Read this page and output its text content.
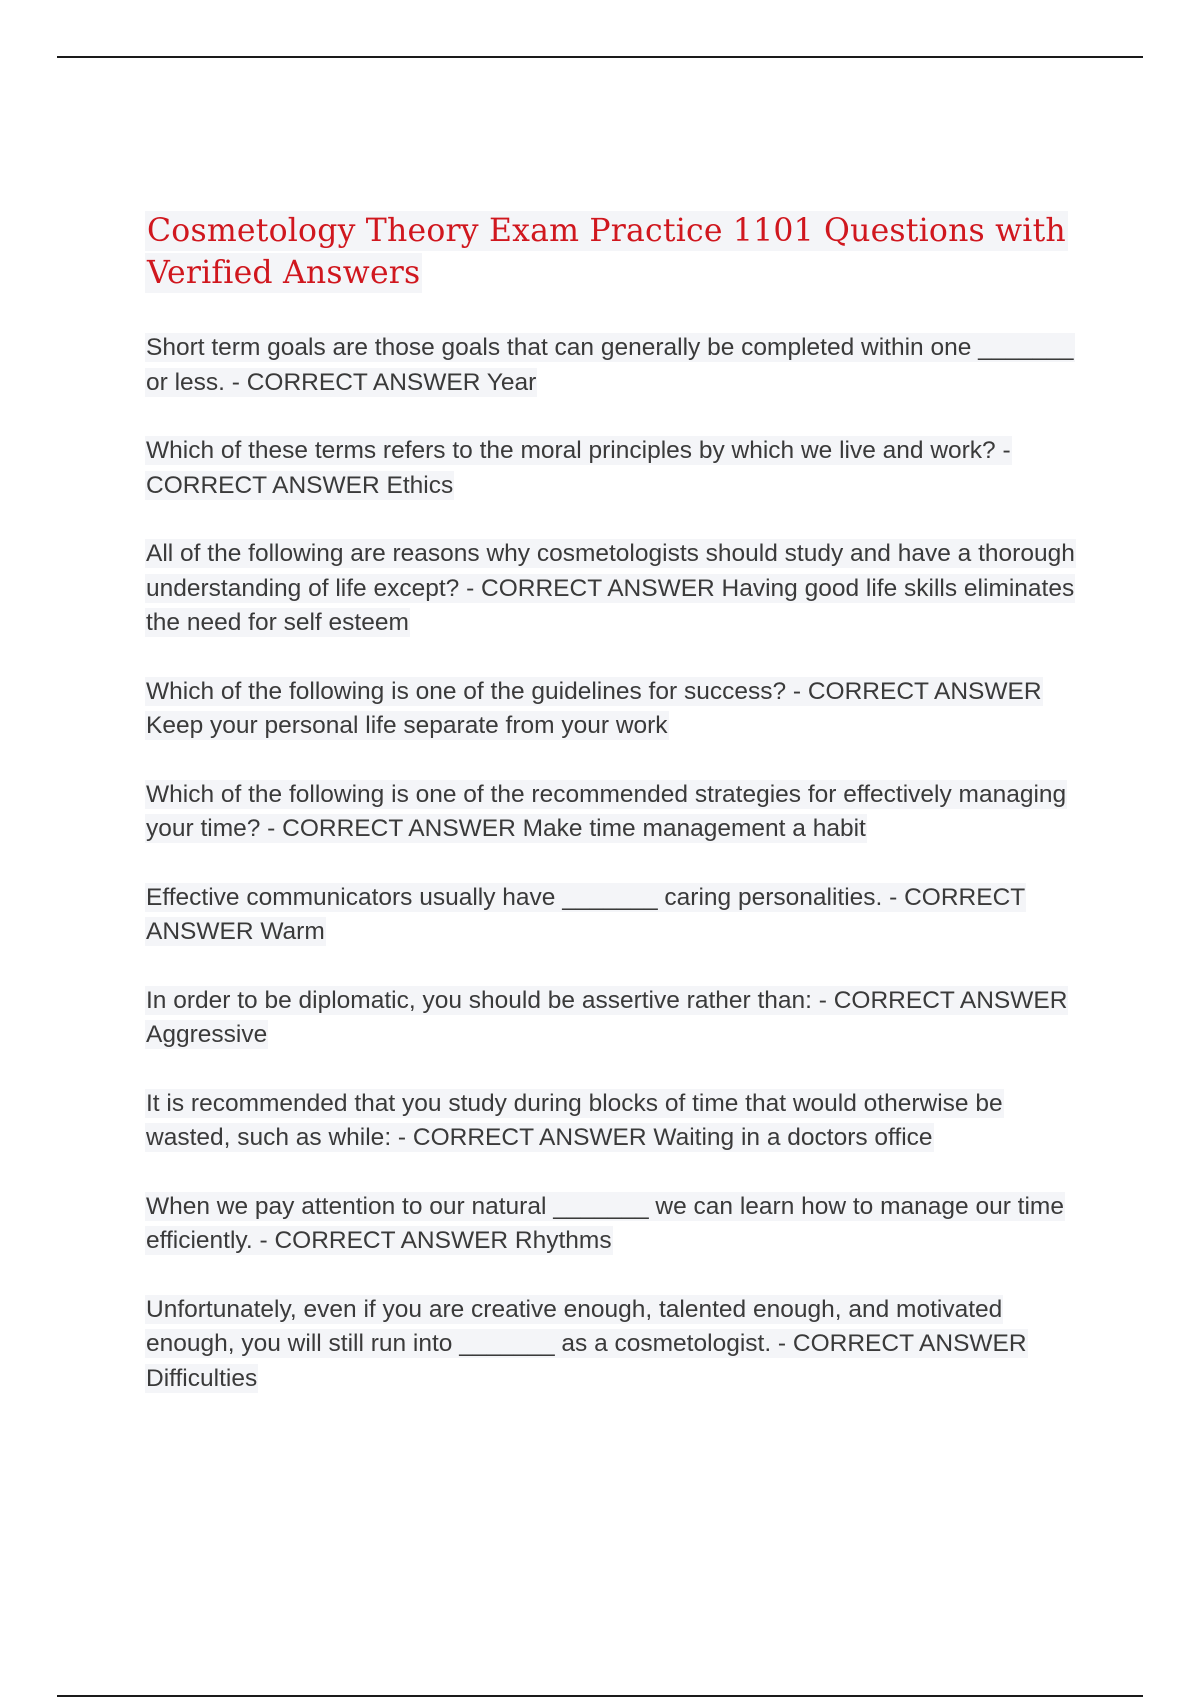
Cosmetology Theory Exam Practice 1101 Questions with Verified Answers

Short term goals are those goals that can generally be completed within one _______ or less. - CORRECT ANSWER Year

Which of these terms refers to the moral principles by which we live and work? - CORRECT ANSWER Ethics

All of the following are reasons why cosmetologists should study and have a thorough understanding of life except? - CORRECT ANSWER Having good life skills eliminates the need for self esteem

Which of the following is one of the guidelines for success? - CORRECT ANSWER Keep your personal life separate from your work

Which of the following is one of the recommended strategies for effectively managing your time? - CORRECT ANSWER Make time management a habit

Effective communicators usually have _______ caring personalities. - CORRECT ANSWER Warm

In order to be diplomatic, you should be assertive rather than: - CORRECT ANSWER Aggressive

It is recommended that you study during blocks of time that would otherwise be wasted, such as while: - CORRECT ANSWER Waiting in a doctors office

When we pay attention to our natural _______ we can learn how to manage our time efficiently. - CORRECT ANSWER Rhythms

Unfortunately, even if you are creative enough, talented enough, and motivated enough, you will still run into _______ as a cosmetologist. - CORRECT ANSWER Difficulties
